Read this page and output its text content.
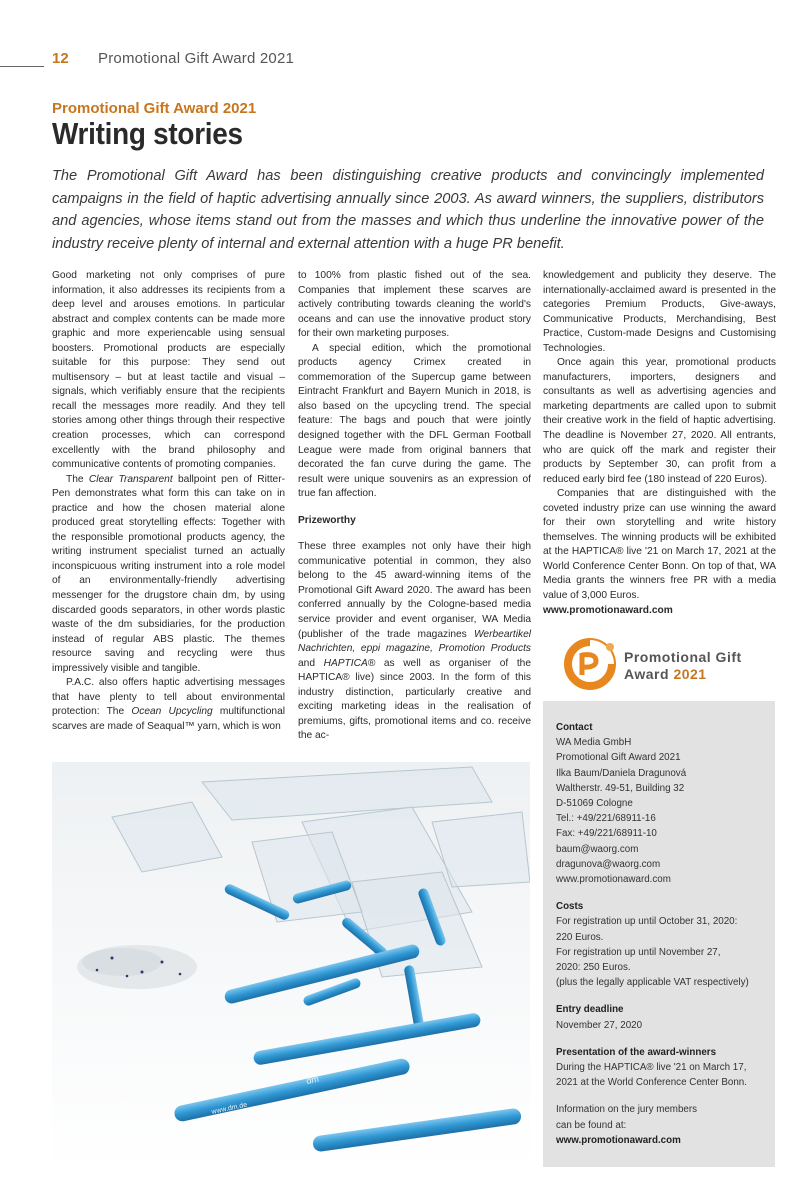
12 Promotional Gift Award 2021
Promotional Gift Award 2021
Writing stories
The Promotional Gift Award has been distinguishing creative products and convincingly implemented campaigns in the field of haptic advertising annually since 2003. As award winners, the suppliers, distributors and agencies, whose items stand out from the masses and which thus underline the innovative power of the industry receive plenty of internal and external attention with a huge PR benefit.

Good marketing not only comprises of pure information, it also addresses its recipients from a deep level and arouses emotions. In particular abstract and complex contents can be made more graphic and more experiencable using sensual boosters. Promotional products are especially suitable for this purpose: They send out multisensory – but at least tactile and visual – signals, which verifiably ensure that the recipients recall the messages more readily. And they tell stories among other things through their respective creation processes, which can correspond excellently with the brand philosophy and communicative contents of promoting companies.

The Clear Transparent ballpoint pen of Ritter-Pen demonstrates what form this can take on in practice and how the chosen material alone produced great storytelling effects: Together with the responsible promotional products agency, the writing instrument specialist turned an actually inconspicuous writing instrument into a role model of an environmentally-friendly advertising messenger for the drugstore chain dm, by using discarded goods separators, in other words plastic waste of the dm subsidiaries, for the production instead of regular ABS plastic. The themes resource saving and recycling were thus impressively visible and tangible.

P.A.C. also offers haptic advertising messages that have plenty to tell about environmental protection: The Ocean Upcycling multifunctional scarves are made of Seaqual™ yarn, which is won

to 100% from plastic fished out of the sea. Companies that implement these scarves are actively contributing towards cleaning the world's oceans and can use the innovative product story for their own marketing purposes.

A special edition, which the promotional products agency Crimex created in commemoration of the Supercup game between Eintracht Frankfurt and Bayern Munich in 2018, is also based on the upcycling trend. The special feature: The bags and pouch that were jointly designed together with the DFL German Football League were made from original banners that decorated the fan curve during the game. The result were unique souvenirs as an expression of true fan affection.

Prizeworthy

These three examples not only have their high communicative potential in common, they also belong to the 45 award-winning items of the Promotional Gift Award 2020. The award has been conferred annually by the Cologne-based media service provider and event organiser, WA Media (publisher of the trade magazines Werbeartikel Nachrichten, eppi magazine, Promotion Products and HAPTICA® as well as organiser of the HAPTICA® live) since 2003. In the form of this industry distinction, particularly creative and exciting marketing ideas in the realisation of premiums, gifts, promotional items and co. receive the ac-

knowledgement and publicity they deserve. The internationally-acclaimed award is presented in the categories Premium Products, Give-aways, Communicative Products, Merchandising, Best Practice, Custom-made Designs and Customising Technologies.

Once again this year, promotional products manufacturers, importers, designers and consultants as well as advertising agencies and marketing departments are called upon to submit their creative work in the field of haptic advertising. The deadline is November 27, 2020. All entrants, who are quick off the mark and register their products by September 30, can profit from a reduced early bird fee (180 instead of 220 Euros).

Companies that are distinguished with the coveted industry prize can use winning the award for their own storytelling and write history themselves. The winning products will be exhibited at the HAPTICA® live '21 on March 17, 2021 at the World Conference Center Bonn. On top of that, WA Media grants the winners free PR with a media value of 3,000 Euros.

www.promotionaward.com

Promotional Gift
Award 2021
Contact
WA Media GmbH
Promotional Gift Award 2021
Ilka Baum/Daniela Dragunová
Waltherstr. 49-51, Building 32
D-51069 Cologne
Tel.: +49/221/68911-16
Fax: +49/221/68911-10
baum@waorg.com
dragunova@waorg.com
www.promotionaward.com
Costs
For registration up until October 31, 2020:
220 Euros.
For registration up until November 27,
2020: 250 Euros.
(plus the legally applicable VAT respectively)
Entry deadline
November 27, 2020
Presentation of the award-winners
During the HAPTICA® live '21 on March 17,
2021 at the World Conference Center Bonn.
Information on the jury members
can be found at:
www.promotionaward.com
dm
www.dm.de
